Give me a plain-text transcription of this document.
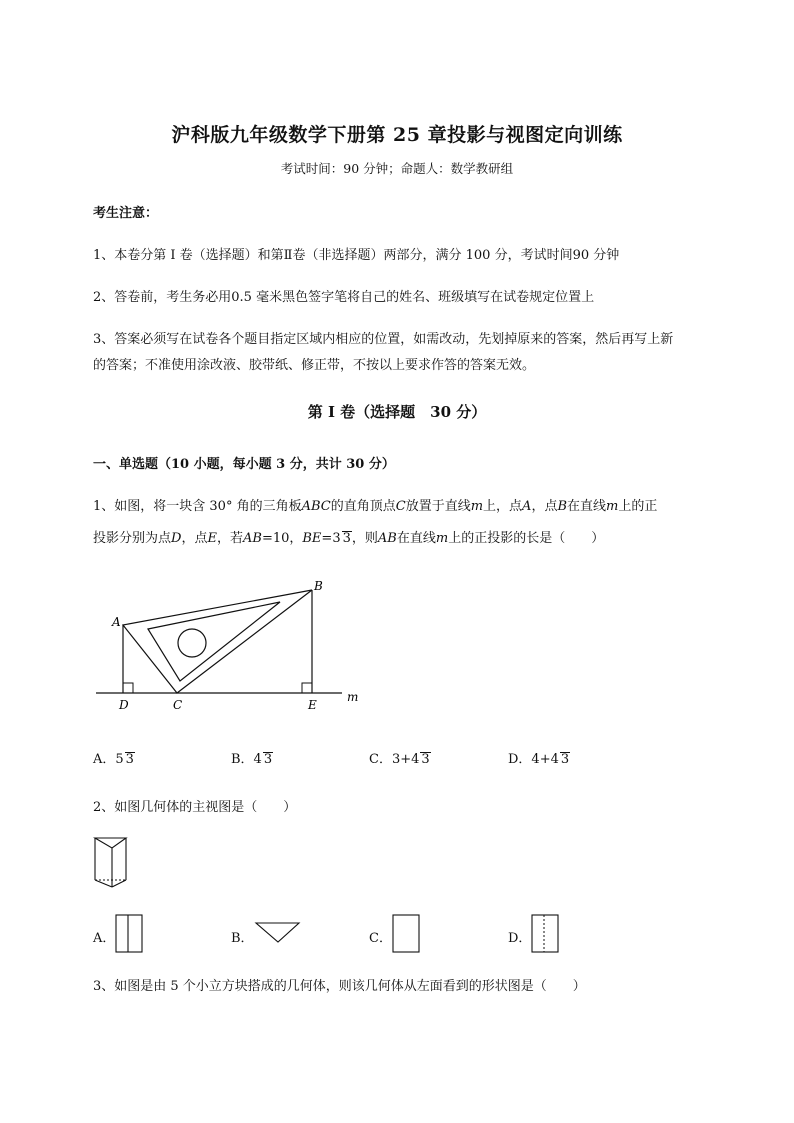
沪科版九年级数学下册第 25 章投影与视图定向训练
考试时间：90 分钟；命题人：数学教研组
考生注意：
1、本卷分第 I 卷（选择题）和第Ⅱ卷（非选择题）两部分，满分 100 分，考试时间90 分钟
2、答卷前，考生务必用0.5 毫米黑色签字笔将自己的姓名、班级填写在试卷规定位置上
3、答案必须写在试卷各个题目指定区域内相应的位置，如需改动，先划掉原来的答案，然后再写上新
的答案；不准使用涂改液、胶带纸、修正带，不按以上要求作答的答案无效。
第 I 卷（选择题　30 分）
一、单选题（10 小题，每小题 3 分，共计 30 分）
1、如图，将一块含 30° 角的三角板ABC的直角顶点C放置于直线m上，点A，点B在直线m上的正
投影分别为点D，点E，若AB=10，BE=3 3，则AB在直线m上的正投影的长是（　　）
A
B
C
D	E
m
A．5 3	B．4 3	C．3+4 3	D．4+4 3
2、如图几何体的主视图是（　　）
A．	B．	C．	D．
3、如图是由 5 个小立方块搭成的几何体，则该几何体从左面看到的形状图是（　　）
